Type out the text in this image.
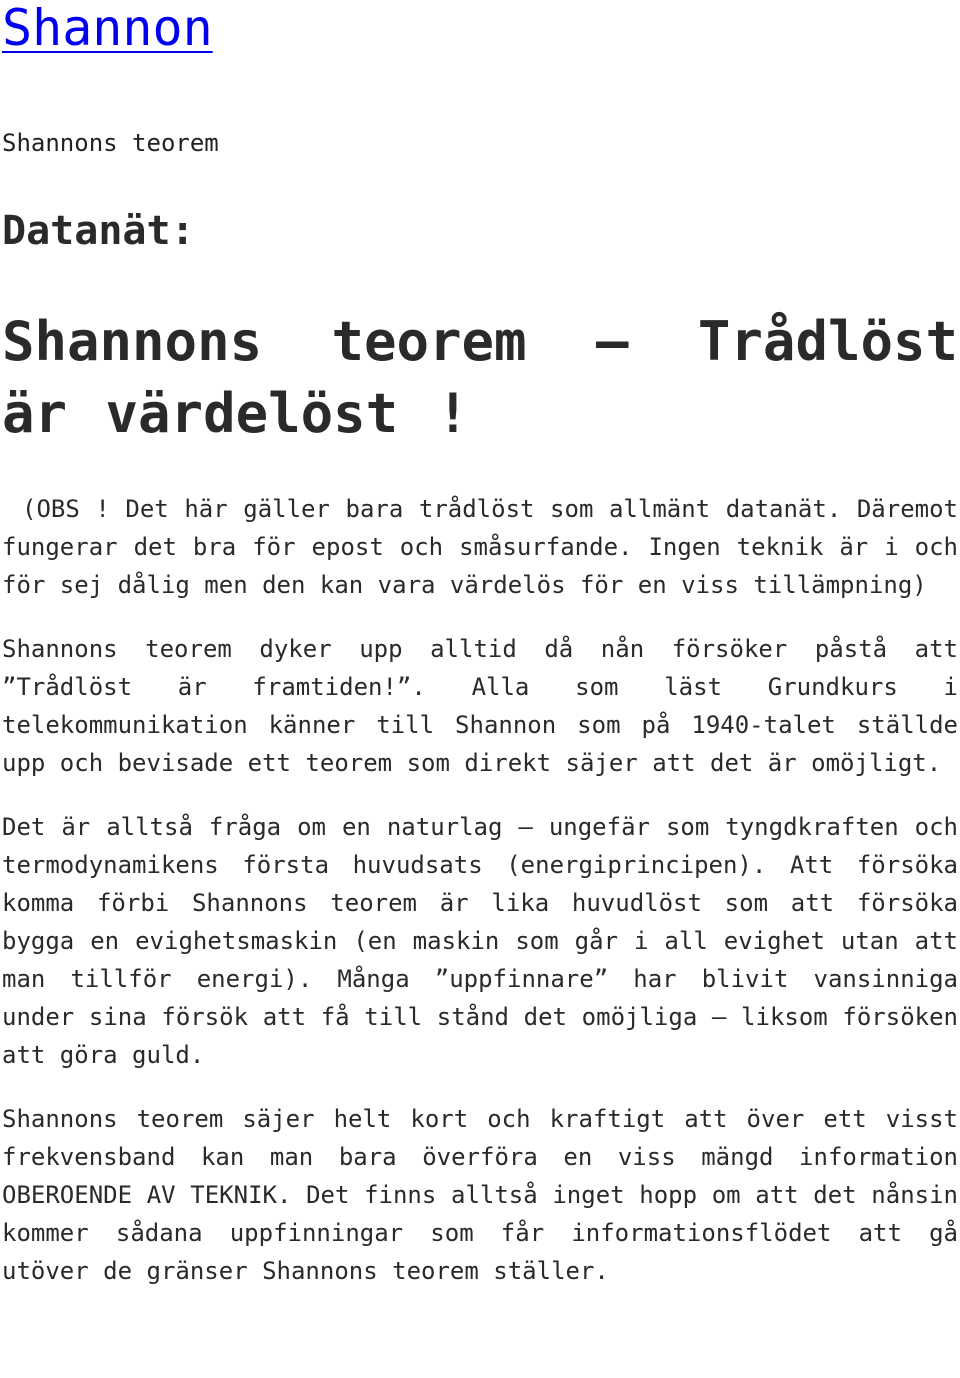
Shannon
Shannons teorem
Datanät:
Shannons teorem – Trådlöst är värdelöst !

(OBS ! Det här gäller bara trådlöst som allmänt datanät. Däremot fungerar det bra för epost och småsurfande. Ingen teknik är i och för sej dålig men den kan vara värdelös för en viss tillämpning)

Shannons teorem dyker upp alltid då nån försöker påstå att ”Trådlöst är framtiden!”. Alla som läst Grundkurs i telekommunikation känner till Shannon som på 1940-talet ställde upp och bevisade ett teorem som direkt säjer att det är omöjligt.

Det är alltså fråga om en naturlag – ungefär som tyngdkraften och termodynamikens första huvudsats (energiprincipen). Att försöka komma förbi Shannons teorem är lika huvudlöst som att försöka bygga en evighetsmaskin (en maskin som går i all evighet utan att man tillför energi). Många ”uppfinnare” har blivit vansinniga under sina försök att få till stånd det omöjliga – liksom försöken att göra guld.

Shannons teorem säjer helt kort och kraftigt att över ett visst frekvensband kan man bara överföra en viss mängd information OBEROENDE AV TEKNIK. Det finns alltså inget hopp om att det nånsin kommer sådana uppfinningar som får informationsflödet att gå utöver de gränser Shannons teorem ställer.
